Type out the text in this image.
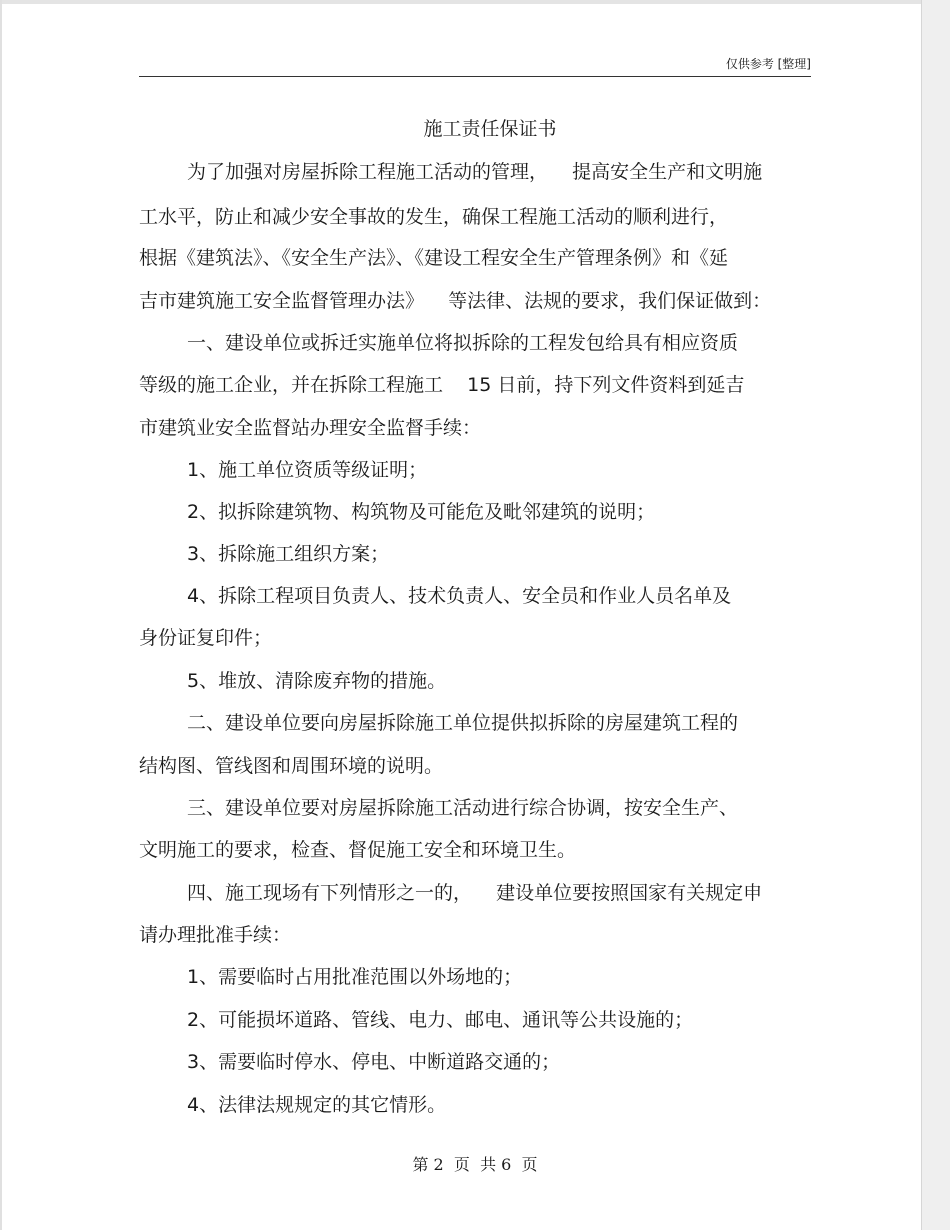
仅供参考 [整理]
施工责任保证书
为了加强对房屋拆除工程施工活动的管理，    提高安全生产和文明施
工水平，防止和减少安全事故的发生，确保工程施工活动的顺利进行，
根据《建筑法》、《安全生产法》、《建设工程安全生产管理条例》和《延
吉市建筑施工安全监督管理办法》    等法律、法规的要求，我们保证做到：
一、建设单位或拆迁实施单位将拟拆除的工程发包给具有相应资质
等级的施工企业，并在拆除工程施工    15 日前，持下列文件资料到延吉
市建筑业安全监督站办理安全监督手续：
1、施工单位资质等级证明；
2、拟拆除建筑物、构筑物及可能危及毗邻建筑的说明；
3、拆除施工组织方案；
4、拆除工程项目负责人、技术负责人、安全员和作业人员名单及
身份证复印件；
5、堆放、清除废弃物的措施。
二、建设单位要向房屋拆除施工单位提供拟拆除的房屋建筑工程的
结构图、管线图和周围环境的说明。
三、建设单位要对房屋拆除施工活动进行综合协调，按安全生产、
文明施工的要求，检查、督促施工安全和环境卫生。
四、施工现场有下列情形之一的，    建设单位要按照国家有关规定申
请办理批准手续：
1、需要临时占用批准范围以外场地的；
2、可能损坏道路、管线、电力、邮电、通讯等公共设施的；
3、需要临时停水、停电、中断道路交通的；
4、法律法规规定的其它情形。
第 2  页  共 6  页
